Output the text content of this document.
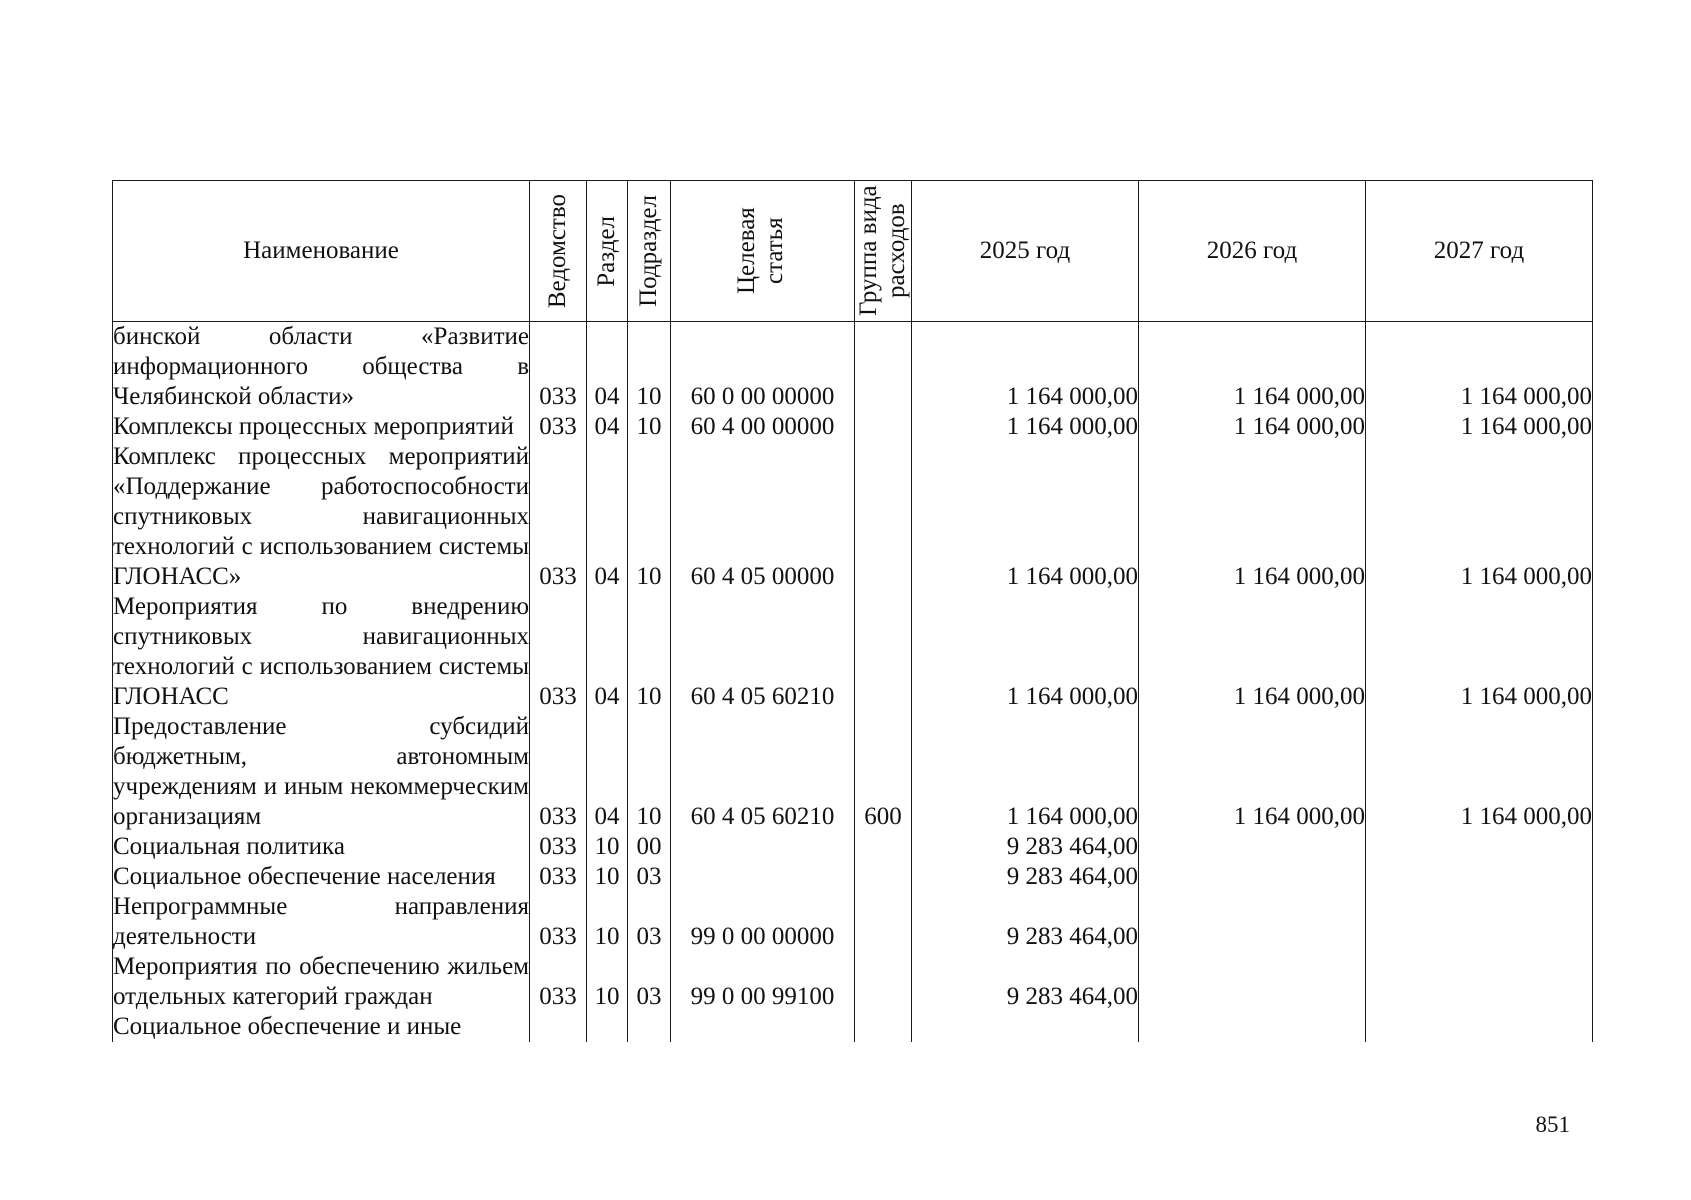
Наименование	Ведомство	Раздел	Подраздел	Целевая статья	Группа вида расходов	2025 год	2026 год	2027 год
бинской области «Развитие информационного общества в Челябинской области»	033	04	10	60 0 00 00000		1 164 000,00	1 164 000,00	1 164 000,00
Комплексы процессных мероприятий	033	04	10	60 4 00 00000		1 164 000,00	1 164 000,00	1 164 000,00
Комплекс процессных мероприятий «Поддержание работоспособности спутниковых навигационных технологий с использованием системы ГЛОНАСС»	033	04	10	60 4 05 00000		1 164 000,00	1 164 000,00	1 164 000,00
Мероприятия по внедрению спутниковых навигационных технологий с использованием системы ГЛОНАСС	033	04	10	60 4 05 60210		1 164 000,00	1 164 000,00	1 164 000,00
Предоставление субсидий бюджетным, автономным учреждениям и иным некоммерческим организациям	033	04	10	60 4 05 60210	600	1 164 000,00	1 164 000,00	1 164 000,00
Социальная политика	033	10	00			9 283 464,00		
Социальное обеспечение населения	033	10	03			9 283 464,00		
Непрограммные направления деятельности	033	10	03	99 0 00 00000		9 283 464,00		
Мероприятия по обеспечению жильем отдельных категорий граждан	033	10	03	99 0 00 99100		9 283 464,00		
Социальное обеспечение и иные								
851
